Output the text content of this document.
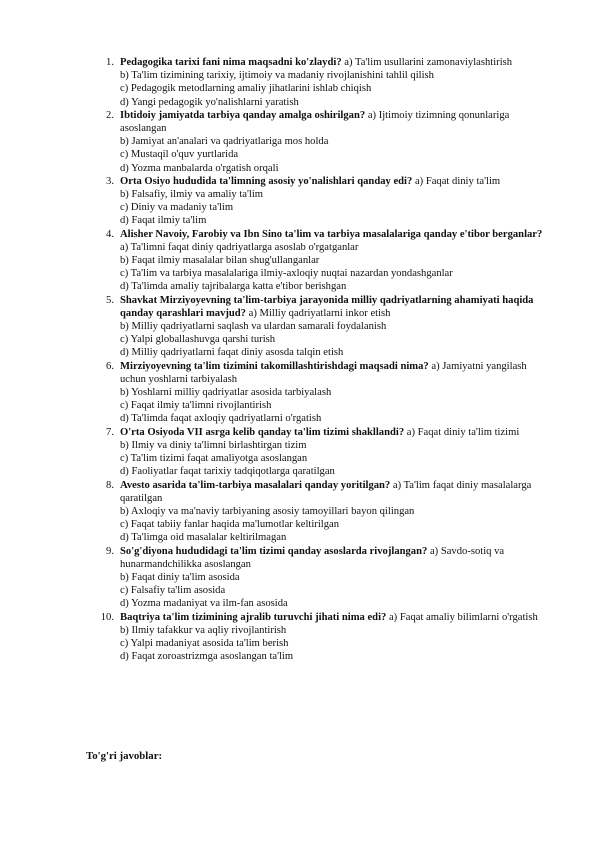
1. Pedagogika tarixi fani nima maqsadni ko'zlaydi? a) Ta'lim usullarini zamonaviylashtirish
b) Ta'lim tizimining tarixiy, ijtimoiy va madaniy rivojlanishini tahlil qilish
c) Pedagogik metodlarning amaliy jihatlarini ishlab chiqish
d) Yangi pedagogik yo'nalishlarni yaratish
2. Ibtidoiy jamiyatda tarbiya qanday amalga oshirilgan? a) Ijtimoiy tizimning qonunlariga asoslangan
b) Jamiyat an'analari va qadriyatlariga mos holda
c) Mustaqil o'quv yurtlarida
d) Yozma manbalarda o'rgatish orqali
3. Orta Osiyo hududida ta'limning asosiy yo'nalishlari qanday edi? a) Faqat diniy ta'lim
b) Falsafiy, ilmiy va amaliy ta'lim
c) Diniy va madaniy ta'lim
d) Faqat ilmiy ta'lim
4. Alisher Navoiy, Farobiy va Ibn Sino ta'lim va tarbiya masalalariga qanday e'tibor berganlar? a) Ta'limni faqat diniy qadriyatlarga asoslab o'rgatganlar
b) Faqat ilmiy masalalar bilan shug'ullanganlar
c) Ta'lim va tarbiya masalalariga ilmiy-axloqiy nuqtai nazardan yondashganlar
d) Ta'limda amaliy tajribalarga katta e'tibor berishgan
5. Shavkat Mirziyoyevning ta'lim-tarbiya jarayonida milliy qadriyatlarning ahamiyati haqida qanday qarashlari mavjud? a) Milliy qadriyatlarni inkor etish
b) Milliy qadriyatlarni saqlash va ulardan samarali foydalanish
c) Yalpi globallashuvga qarshi turish
d) Milliy qadriyatlarni faqat diniy asosda talqin etish
6. Mirziyoyevning ta'lim tizimini takomillashtirishdagi maqsadi nima? a) Jamiyatni yangilash uchun yoshlarni tarbiyalash
b) Yoshlarni milliy qadriyatlar asosida tarbiyalash
c) Faqat ilmiy ta'limni rivojlantirish
d) Ta'limda faqat axloqiy qadriyatlarni o'rgatish
7. O'rta Osiyoda VII asrga kelib qanday ta'lim tizimi shakllandi? a) Faqat diniy ta'lim tizimi
b) Ilmiy va diniy ta'limni birlashtirgan tizim
c) Ta'lim tizimi faqat amaliyotga asoslangan
d) Faoliyatlar faqat tarixiy tadqiqotlarga qaratilgan
8. Avesto asarida ta'lim-tarbiya masalalari qanday yoritilgan? a) Ta'lim faqat diniy masalalarga qaratilgan
b) Axloqiy va ma'naviy tarbiyaning asosiy tamoyillari bayon qilingan
c) Faqat tabiiy fanlar haqida ma'lumotlar keltirilgan
d) Ta'limga oid masalalar keltirilmagan
9. So'g'diyona hududidagi ta'lim tizimi qanday asoslarda rivojlangan? a) Savdo-sotiq va hunarmandchilikka asoslangan
b) Faqat diniy ta'lim asosida
c) Falsafiy ta'lim asosida
d) Yozma madaniyat va ilm-fan asosida
10. Baqtriya ta'lim tizimining ajralib turuvchi jihati nima edi? a) Faqat amaliy bilimlarni o'rgatish
b) Ilmiy tafakkur va aqliy rivojlantirish
c) Yalpi madaniyat asosida ta'lim berish
d) Faqat zoroastrizmga asoslangan ta'lim
To'g'ri javoblar:
